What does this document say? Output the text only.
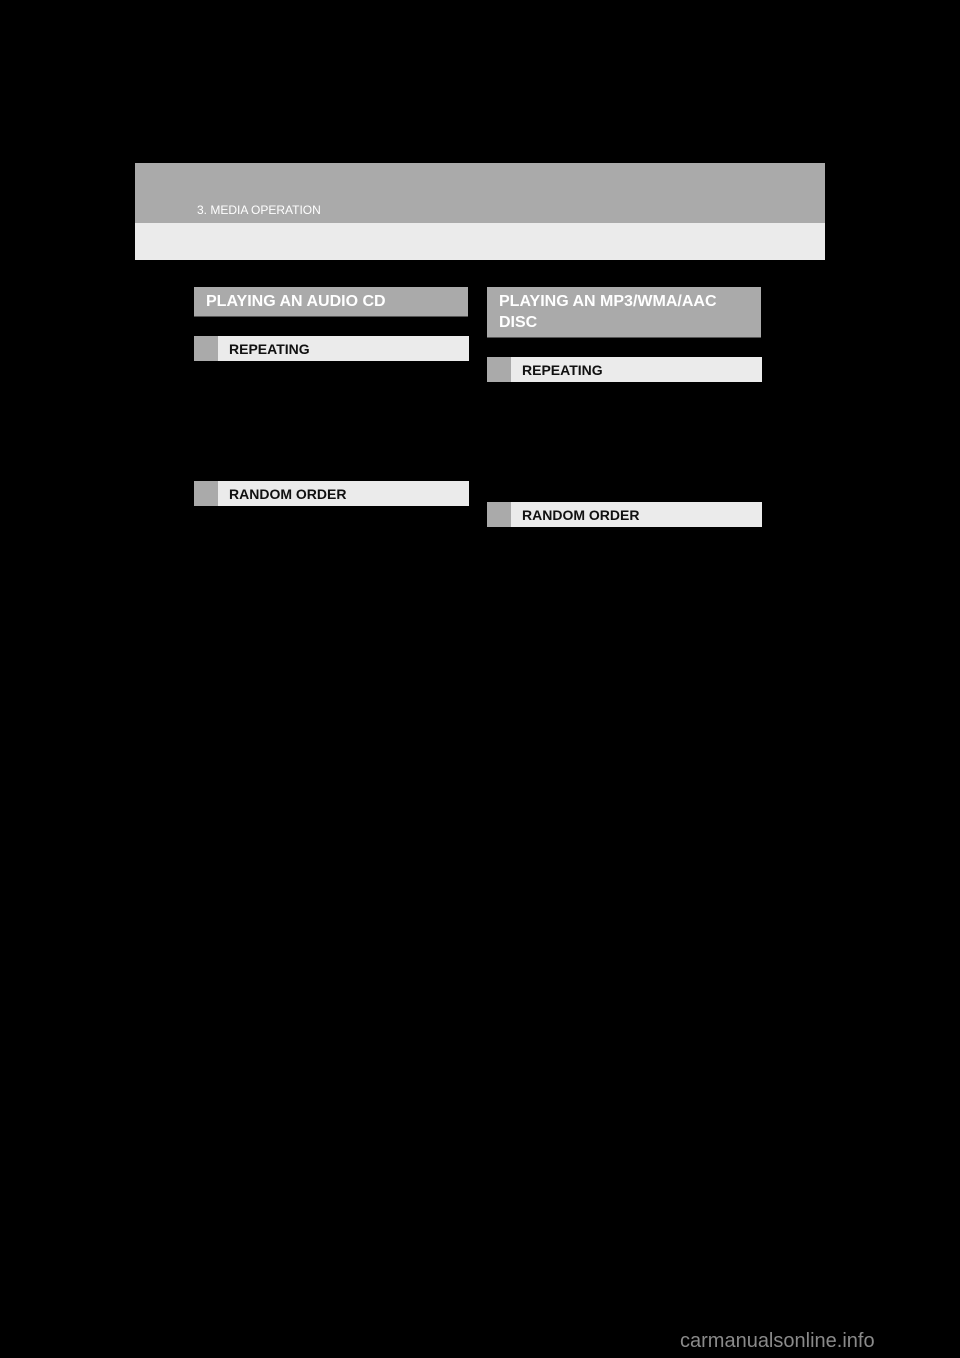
3. MEDIA OPERATION
PLAYING AN AUDIO CD
REPEATING
RANDOM ORDER
PLAYING AN MP3/WMA/AAC DISC
REPEATING
RANDOM ORDER
carmanualsonline.info
